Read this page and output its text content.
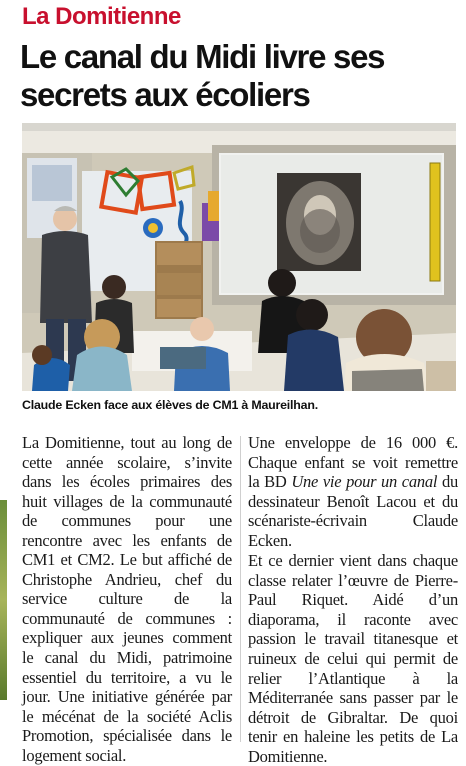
La Domitienne
Le canal du Midi livre ses secrets aux écoliers
Claude Ecken face aux élèves de CM1 à Maureilhan.

La Domitienne, tout au long de cette année scolaire, s’invite dans les écoles primaires des huit villages de la communauté de communes pour une rencontre avec les enfants de CM1 et CM2. Le but affiché de Christophe Andrieu, chef du service culture de la communauté de communes : expliquer aux jeunes comment le canal du Midi, patrimoine essentiel du territoire, a vu le jour. Une initiative générée par le mécénat de la société Aclis Promotion, spécialisée dans le logement social.

Une enveloppe de 16 000 €. Chaque enfant se voit remettre la BD Une vie pour un canal du dessinateur Benoît Lacou et du scénariste-écrivain Claude Ecken.

Et ce dernier vient dans chaque classe relater l’œuvre de Pierre-Paul Riquet. Aidé d’un diaporama, il raconte avec passion le travail titanesque et ruineux de celui qui permit de relier l’Atlantique à la Méditerranée sans passer par le détroit de Gibraltar. De quoi tenir en haleine les petits de La Domitienne.
